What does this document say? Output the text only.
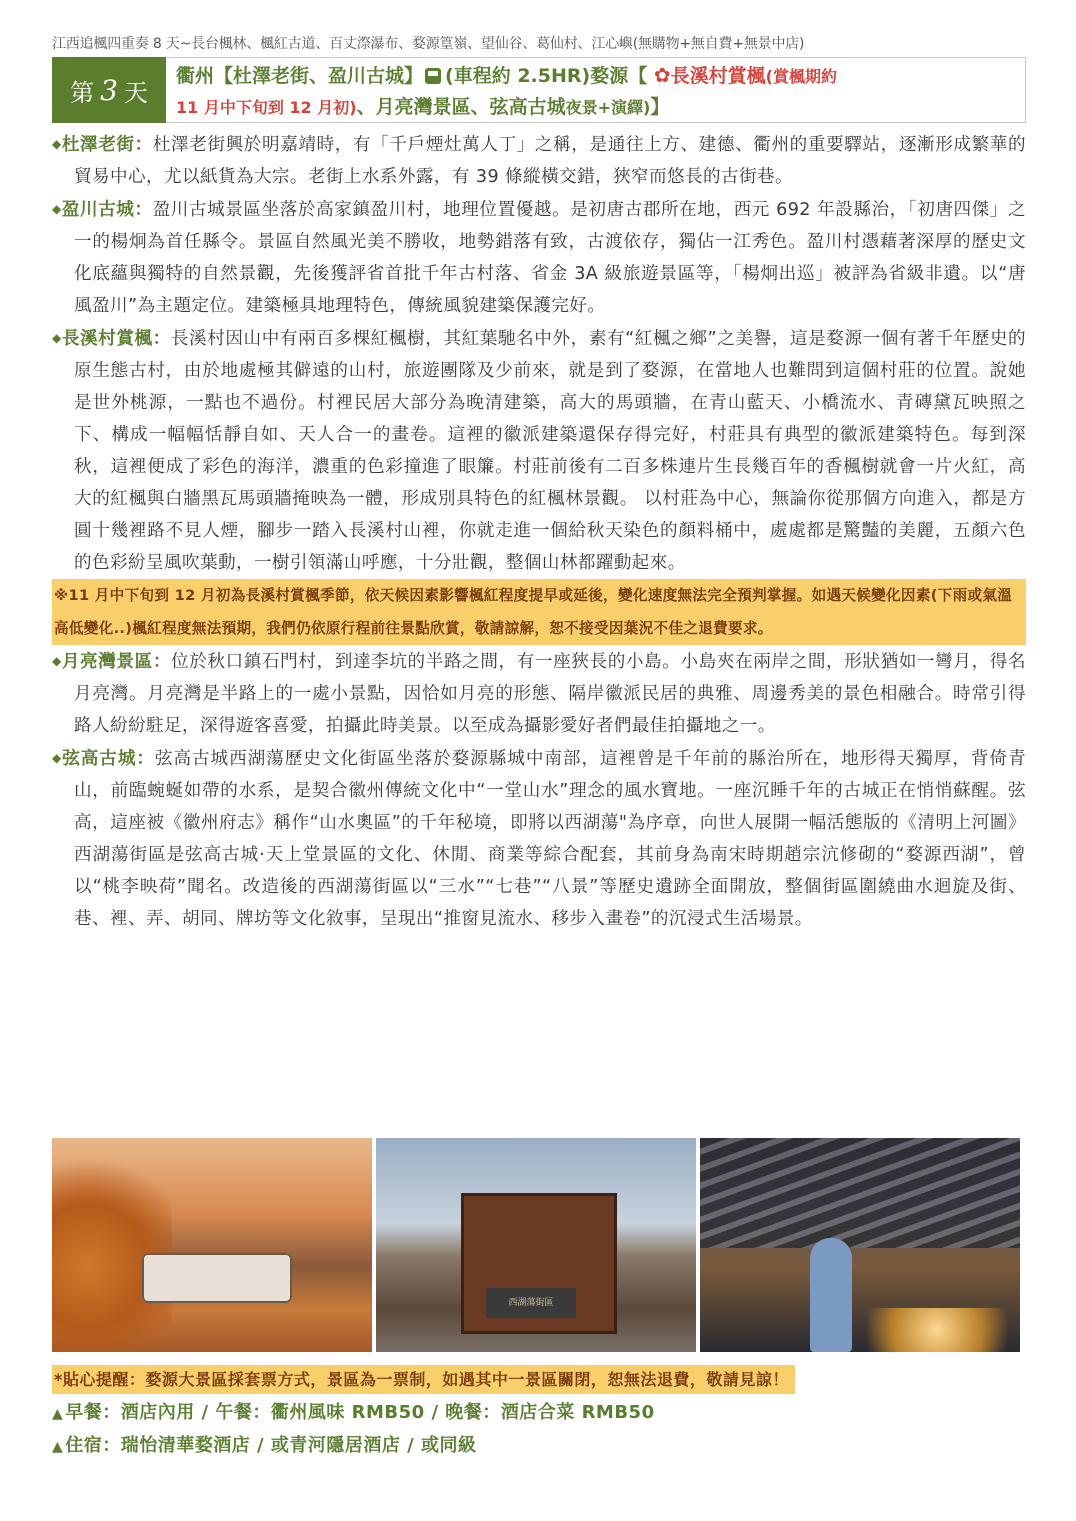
江西追楓四重奏 8 天~長台楓林、楓紅古道、百丈漈瀑布、婺源篁嶺、望仙谷、葛仙村、江心嶼(無購物+無自費+無景中店)
第 3 天
衢州【杜澤老街、盈川古城】 (車程約 2.5HR)婺源【 ✿長溪村賞楓(賞楓期約
11 月中下旬到 12 月初)、月亮灣景區、弦高古城夜景+演繹)】

◆杜澤老街：杜澤老街興於明嘉靖時，有「千戶煙灶萬人丁」之稱，是通往上方、建德、衢州的重要驛站，逐漸形成繁華的貿易中心，尤以紙貨為大宗。老街上水系外露，有 39 條縱橫交錯，狹窄而悠長的古街巷。

◆盈川古城：盈川古城景區坐落於高家鎮盈川村，地理位置優越。是初唐古郡所在地，西元 692 年設縣治，「初唐四傑」之一的楊炯為首任縣令。景區自然風光美不勝收，地勢錯落有致，古渡依存，獨佔一江秀色。盈川村憑藉著深厚的歷史文化底蘊與獨特的自然景觀，先後獲評省首批千年古村落、省金 3A 級旅遊景區等，「楊炯出巡」被評為省級非遺。以“唐風盈川”為主題定位。建築極具地理特色，傳統風貌建築保護完好。

◆長溪村賞楓：長溪村因山中有兩百多棵紅楓樹，其紅葉馳名中外，素有“紅楓之鄉”之美譽，這是婺源一個有著千年歷史的原生態古村，由於地處極其僻遠的山村，旅遊團隊及少前來，就是到了婺源，在當地人也難問到這個村莊的位置。說她是世外桃源，一點也不過份。村裡民居大部分為晚清建築，高大的馬頭牆，在青山藍天、小橋流水、青磚黛瓦映照之下、構成一幅幅恬靜自如、天人合一的畫卷。這裡的徽派建築還保存得完好，村莊具有典型的徽派建築特色。每到深秋，這裡便成了彩色的海洋，濃重的色彩撞進了眼簾。村莊前後有二百多株連片生長幾百年的香楓樹就會一片火紅，高大的紅楓與白牆黑瓦馬頭牆掩映為一體，形成別具特色的紅楓林景觀。 以村莊為中心，無論你從那個方向進入，都是方圓十幾裡路不見人煙，腳步一踏入長溪村山裡，你就走進一個給秋天染色的顏料桶中，處處都是驚豔的美麗，五顏六色的色彩紛呈風吹葉動，一樹引領滿山呼應，十分壯觀，整個山林都躍動起來。

※11 月中下旬到 12 月初為長溪村賞楓季節，依天候因素影響楓紅程度提早或延後，變化速度無法完全預判掌握。如遇天候變化因素(下雨或氣溫高低變化..)楓紅程度無法預期，我們仍依原行程前往景點欣賞，敬請諒解，恕不接受因葉況不佳之退費要求。

◆月亮灣景區：位於秋口鎮石門村，到達李坑的半路之間，有一座狹長的小島。小島夾在兩岸之間，形狀猶如一彎月，得名月亮灣。月亮灣是半路上的一處小景點，因恰如月亮的形態、隔岸徽派民居的典雅、周邊秀美的景色相融合。時常引得路人紛紛駐足，深得遊客喜愛，拍攝此時美景。以至成為攝影愛好者們最佳拍攝地之一。

◆弦高古城：弦高古城西湖蕩歷史文化街區坐落於婺源縣城中南部，這裡曾是千年前的縣治所在，地形得天獨厚，背倚青山，前臨蜿蜒如帶的水系，是契合徽州傳統文化中“一堂山水”理念的風水寶地。一座沉睡千年的古城正在悄悄蘇醒。弦高，這座被《徽州府志》稱作“山水奧區”的千年秘境，即將以西湖蕩"為序章，向世人展開一幅活態版的《清明上河圖》西湖蕩街區是弦高古城·天上堂景區的文化、休閒、商業等綜合配套，其前身為南宋時期趙宗沆修砌的“婺源西湖”，曾以“桃李映荷”聞名。改造後的西湖蕩街區以“三水”“七巷”“八景”等歷史遺跡全面開放，整個街區圍繞曲水迴旋及街、巷、裡、弄、胡同、牌坊等文化敘事，呈現出“推窗見流水、移步入畫卷”的沉浸式生活場景。

西湖蕩街區
*貼心提醒：婺源大景區採套票方式，景區為一票制，如遇其中一景區關閉，恕無法退費，敬請見諒！
▲ 早餐：酒店內用 / 午餐：衢州風味 RMB50 / 晚餐：酒店合菜 RMB50
▲ 住宿：瑞怡清華婺酒店 / 或青河隱居酒店 / 或同級
